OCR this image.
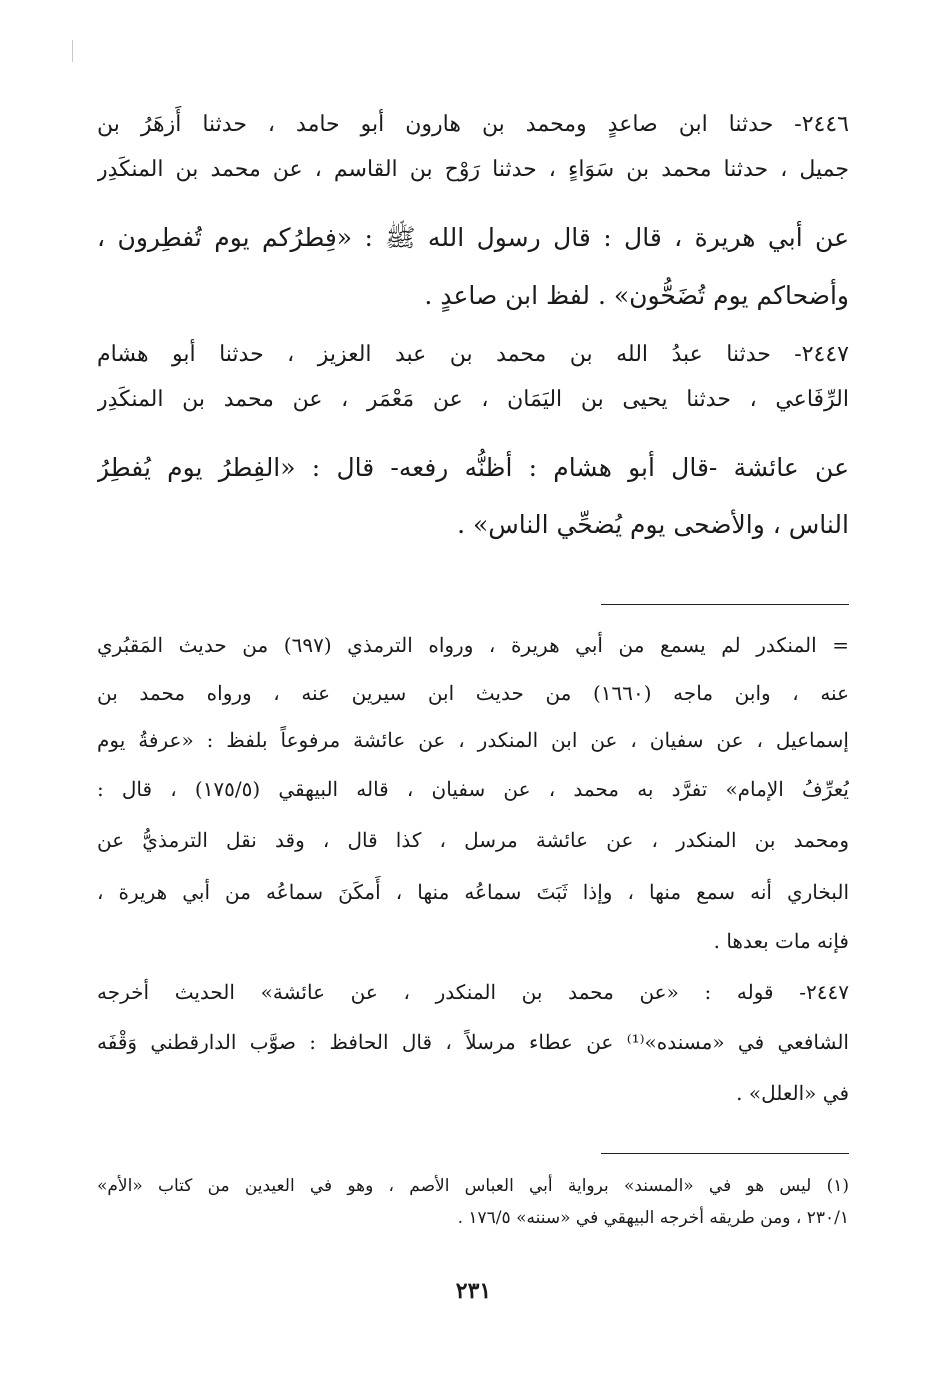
٢٤٤٦- حدثنا ابن صاعدٍ ومحمد بن هارون أبو حامد ، حدثنا أَزهَرُ بن
جميل ، حدثنا محمد بن سَوَاءٍ ، حدثنا رَوْح بن القاسم ، عن محمد بن المنكَدِر
عن أبي هريرة ، قال : قال رسول الله ﷺ : «فِطرُكم يوم تُفطِرون ،
وأضحاكم يوم تُضَحُّون» . لفظ ابن صاعدٍ .
٢٤٤٧- حدثنا عبدُ الله بن محمد بن عبد العزيز ، حدثنا أبو هشام
الرِّفَاعي ، حدثنا يحيى بن اليَمَان ، عن مَعْمَر ، عن محمد بن المنكَدِر
عن عائشة -قال أبو هشام : أظنُّه رفعه- قال : «الفِطرُ يوم يُفطِرُ
الناس ، والأضحى يوم يُضحِّي الناس» .
= المنكدر لم يسمع من أبي هريرة ، ورواه الترمذي (٦٩٧) من حديث المَقبُري
عنه ، وابن ماجه (١٦٦٠) من حديث ابن سيرين عنه ، ورواه محمد بن
إسماعيل ، عن سفيان ، عن ابن المنكدر ، عن عائشة مرفوعاً بلفظ : «عرفةُ يوم
يُعرِّفُ الإمام» تفرَّد به محمد ، عن سفيان ، قاله البيهقي (١٧٥/٥) ، قال :
ومحمد بن المنكدر ، عن عائشة مرسل ، كذا قال ، وقد نقل الترمذيُّ عن
البخاري أنه سمع منها ، وإذا ثَبَتَ سماعُه منها ، أَمكَنَ سماعُه من أبي هريرة ،
فإنه مات بعدها .
٢٤٤٧- قوله : «عن محمد بن المنكدر ، عن عائشة» الحديث أخرجه
الشافعي في «مسنده»⁽¹⁾ عن عطاء مرسلاً ، قال الحافظ : صوَّب الدارقطني وَقْفَه
في «العلل» .
(١) ليس هو في «المسند» برواية أبي العباس الأصم ، وهو في العيدين من كتاب «الأم»
٢٣٠/١ ، ومن طريقه أخرجه البيهقي في «سننه» ١٧٦/٥ .
٢٣١
